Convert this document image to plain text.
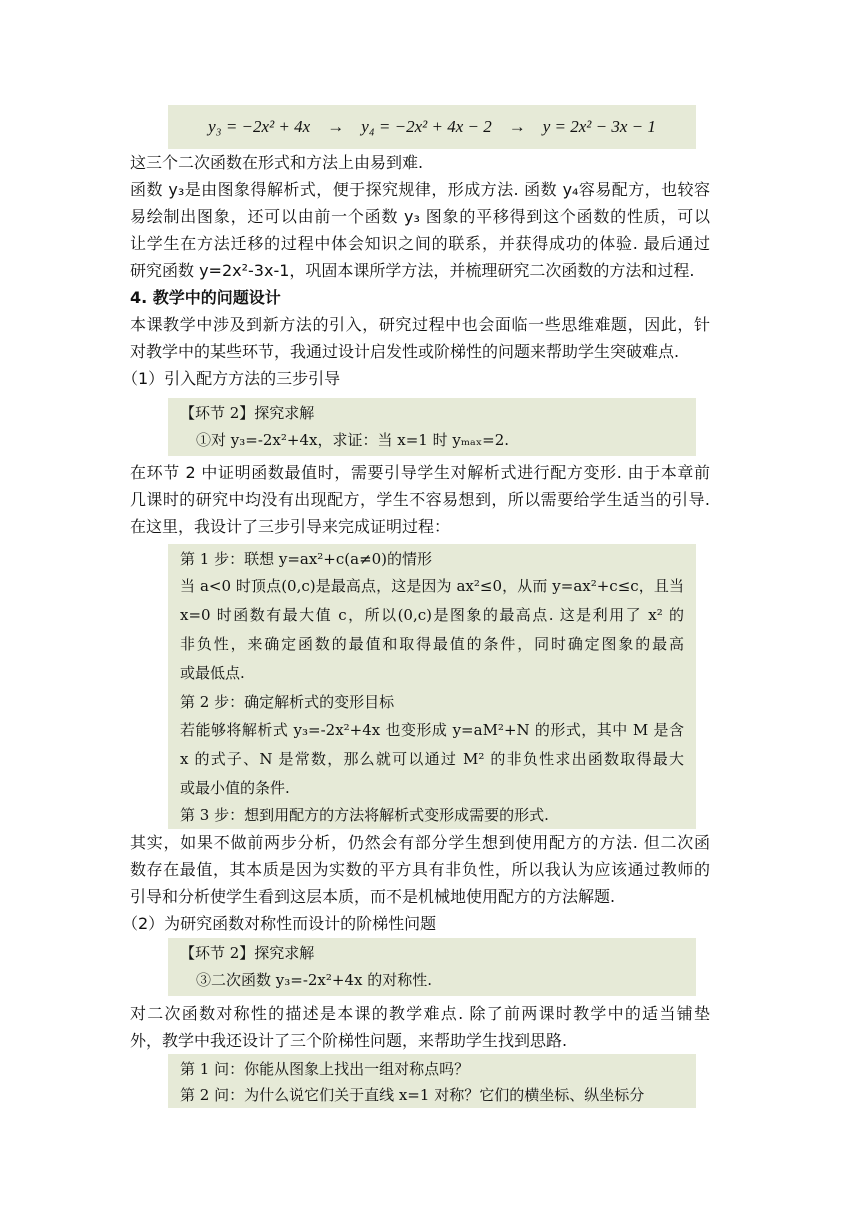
y₃ = −2x² + 4x
→
y₄ = −2x² + 4x − 2
→
y = 2x² − 3x − 1

这三个二次函数在形式和方法上由易到难.

函数 y₃是由图象得解析式，便于探究规律，形成方法. 函数 y₄容易配方，也较容
易绘制出图象，还可以由前一个函数 y₃ 图象的平移得到这个函数的性质，可以
让学生在方法迁移的过程中体会知识之间的联系，并获得成功的体验. 最后通过
研究函数 y=2x²-3x-1，巩固本课所学方法，并梳理研究二次函数的方法和过程.

4. 教学中的问题设计

本课教学中涉及到新方法的引入，研究过程中也会面临一些思维难题，因此，针
对教学中的某些环节，我通过设计启发性或阶梯性的问题来帮助学生突破难点.

（1）引入配方方法的三步引导

【环节 2】探究求解
①对 y₃=-2x²+4x，求证：当 x=1 时 yₘₐₓ=2.

在环节 2 中证明函数最值时，需要引导学生对解析式进行配方变形. 由于本章前
几课时的研究中均没有出现配方，学生不容易想到，所以需要给学生适当的引导.
在这里，我设计了三步引导来完成证明过程：

第 1 步：联想 y=ax²+c(a≠0)的情形
当 a<0 时顶点(0,c)是最高点，这是因为 ax²≤0，从而 y=ax²+c≤c，且当
x=0 时函数有最大值 c，所以(0,c)是图象的最高点. 这是利用了 x² 的
非负性，来确定函数的最值和取得最值的条件，同时确定图象的最高
或最低点.
第 2 步：确定解析式的变形目标
若能够将解析式 y₃=-2x²+4x 也变形成 y=aM²+N 的形式，其中 M 是含
x 的式子、N 是常数，那么就可以通过 M² 的非负性求出函数取得最大
或最小值的条件.
第 3 步：想到用配方的方法将解析式变形成需要的形式.

其实，如果不做前两步分析，仍然会有部分学生想到使用配方的方法. 但二次函
数存在最值，其本质是因为实数的平方具有非负性，所以我认为应该通过教师的
引导和分析使学生看到这层本质，而不是机械地使用配方的方法解题.

（2）为研究函数对称性而设计的阶梯性问题

【环节 2】探究求解
③二次函数 y₃=-2x²+4x 的对称性.

对二次函数对称性的描述是本课的教学难点. 除了前两课时教学中的适当铺垫
外，教学中我还设计了三个阶梯性问题，来帮助学生找到思路.

第 1 问：你能从图象上找出一组对称点吗？
第 2 问：为什么说它们关于直线 x=1 对称？它们的横坐标、纵坐标分
